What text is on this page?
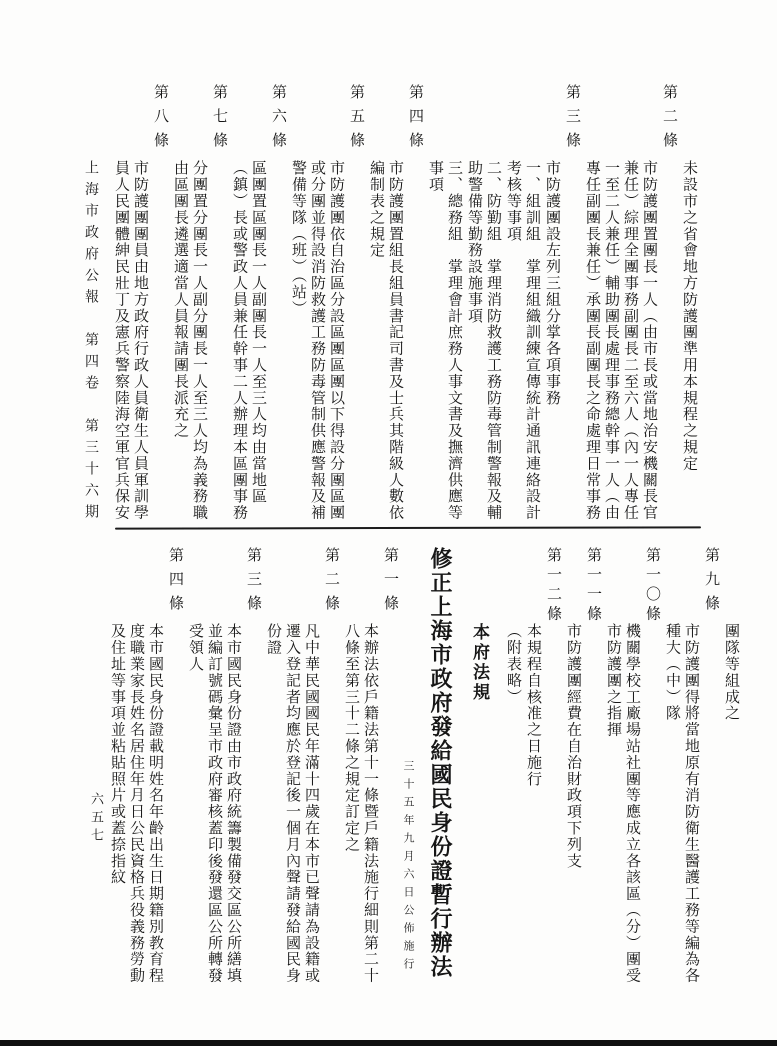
未設市之省會地方防護團準用本規程之規定

第二條

市防護團置團長一人（由市長或當地治安機關長官兼任）綜理全團事務副團長二至六人（內一人專任一至二人兼任）輔助團長處理事務總幹事一人（由專任副團長兼任）承團長副團長之命處理日常事務

第三條

市防護團設左列三組分掌各項事務

一、組訓組　掌理組織訓練宣傳統計通訊連絡設計考核等事項

二、防勤組　掌理消防救護工務防毒管制警報及輔助警備等勤務設施事項

三、總務組　掌理會計庶務人事文書及撫濟供應等事項

第四條

市防護團置組長組員書記司書及士兵其階級人數依編制表之規定

第五條

市防護團依自治區分設區團區團以下得設分團區團或分團並得設消防救護工務防毒管制供應警報及補警備等隊（班）（站）

第六條

區團置區團長一人副團長一人至三人均由當地區（鎮）長或警政人員兼任幹事二人辦理本區團事務

第七條

分團置分團長一人副分團長一人至三人均為義務職由區團長遴選適當人員報請團長派充之

第八條

市防護團團員由地方政府行政人員衛生人員軍訓學員人民團體紳民壯丁及憲兵警察陸海空軍官兵保安

上海市政府公報　第四卷　第三十六期

團隊等組成之

第九條

市防護團得將當地原有消防衛生醫護工務等編為各種大（中）隊

第一〇條

機關學校工廠場站社團等應成立各該區（分）團受市防護團之指揮

第一一條

市防護團經費在自治財政項下列支

第一二條

本規程自核准之日施行

（附表略）

本府法規
修正上海市政府發給國民身份證暫行辦法

三十五年九月六日公佈施行

第一條

本辦法依戶籍法第十一條暨戶籍法施行細則第二十八條至第三十二條之規定訂定之

第二條

凡中華民國國民年滿十四歲在本市已聲請為設籍或遷入登記者均應於登記後一個月內聲請發給國民身份證

第三條

本市國民身份證由市政府統籌製備發交區公所繕填並編訂號碼彙呈市政府審核蓋印後發還區公所轉發受領人

第四條

本市國民身份證載明姓名年齡出生日期籍別教育程度職業家長姓名居住年月日公民資格兵役義務勞動及住址等事項並粘貼照片或蓋捺指紋

六五七
